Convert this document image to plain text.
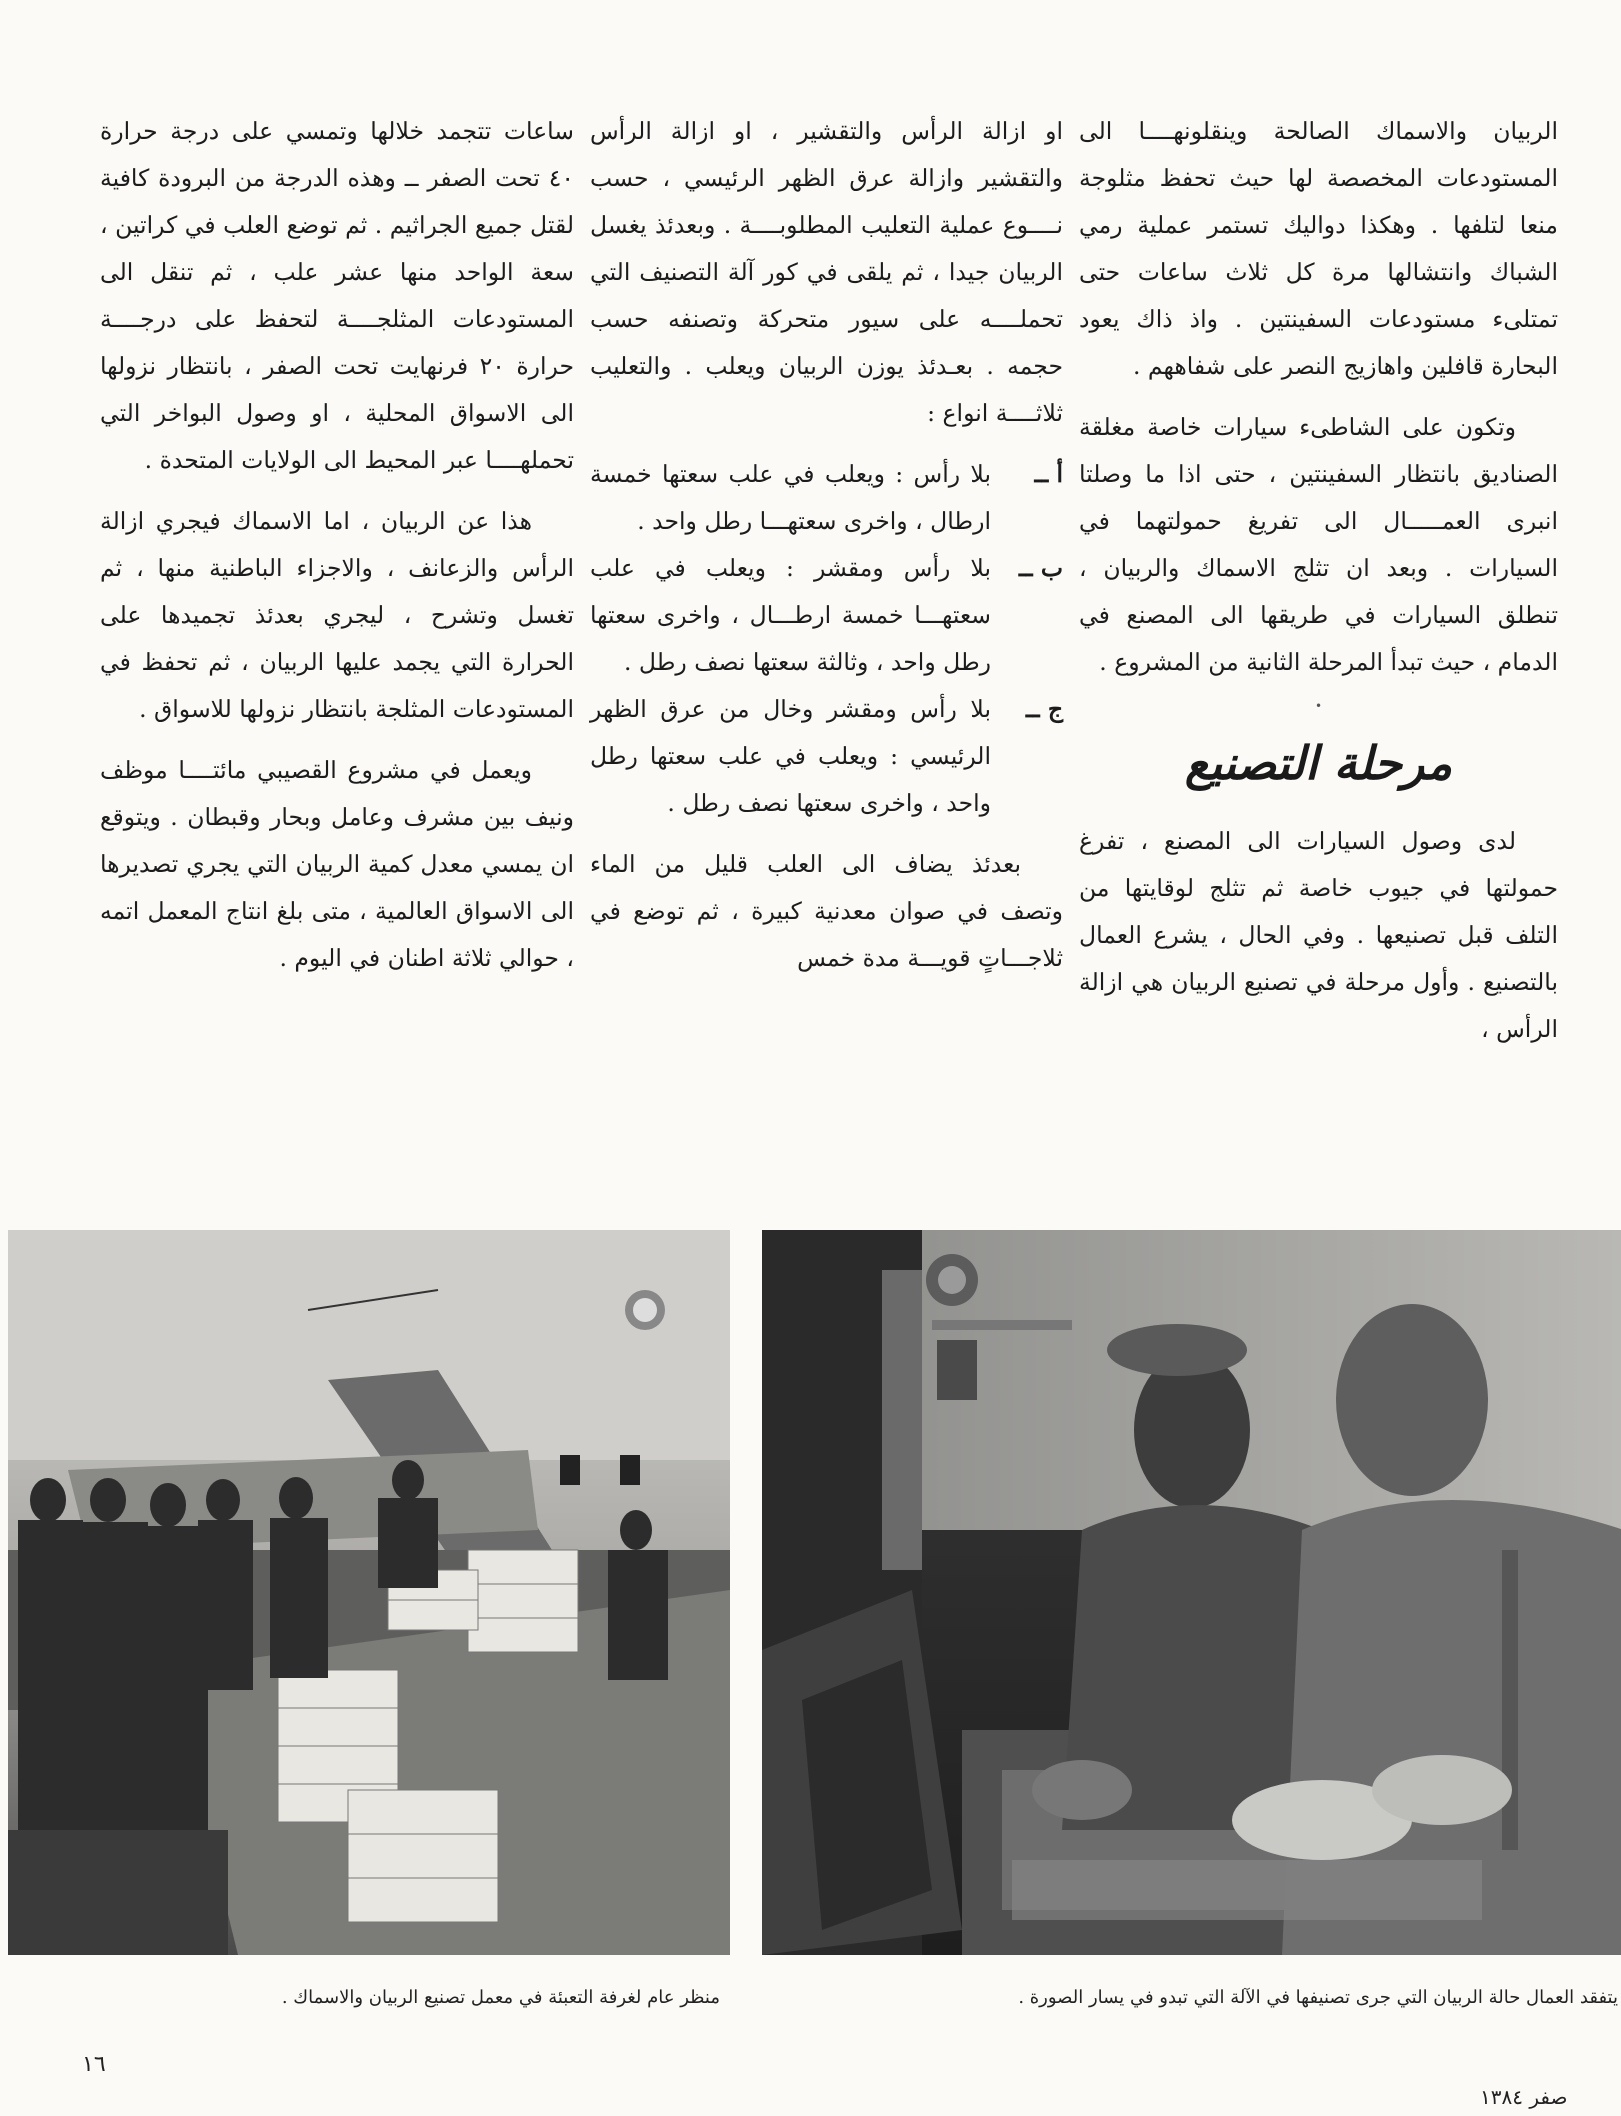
الربيان والاسماك الصالحة وينقلونهــــا الى المستودعات المخصصة لها حيث تحفظ مثلوجة منعا لتلفها . وهكذا دواليك تستمر عملية رمي الشباك وانتشالها مرة كل ثلاث ساعات حتى تمتلىء مستودعات السفينتين . واذ ذاك يعود البحارة قافلين واهازيج النصر على شفاههم .

وتكون على الشاطىء سيارات خاصة مغلقة الصناديق بانتظار السفينتين ، حتى اذا ما وصلتا انبرى العمـــــال الى تفريغ حمولتهما في السيارات . وبعد ان تثلج الاسماك والربيان ، تنطلق السيارات في طريقها الى المصنع في الدمام ، حيث تبدأ المرحلة الثانية من المشروع .

•
مرحلة التصنيع

لدى وصول السيارات الى المصنع ، تفرغ حمولتها في جيوب خاصة ثم تثلج لوقايتها من التلف قبل تصنيعها . وفي الحال ، يشرع العمال بالتصنيع . وأول مرحلة في تصنيع الربيان هي ازالة الرأس ،

او ازالة الرأس والتقشير ، او ازالة الرأس والتقشير وازالة عرق الظهر الرئيسي ، حسب نــــوع عملية التعليب المطلوبــــة . وبعدئذ يغسل الربيان جيدا ، ثم يلقى في كور آلة التصنيف التي تحملــــه على سيور متحركة وتصنفه حسب حجمه . بعـدئذ يوزن الربيان ويعلب . والتعليب ثلاثــــة انواع :

أ ــ
بلا رأس : ويعلب في علب سعتها خمسة ارطال ، واخرى سعتهـــا رطل واحد .
ب ــ
بلا رأس ومقشر : ويعلب في علب سعتهـــا خمسة ارطـــال ، واخرى سعتها رطل واحد ، وثالثة سعتها نصف رطل .
ج ــ
بلا رأس ومقشر وخال من عرق الظهر الرئيسي : ويعلب في علب سعتها رطل واحد ، واخرى سعتها نصف رطل .

بعدئذ يضاف الى العلب قليل من الماء وتصف في صوان معدنية كبيرة ، ثم توضع في ثلاجـــاتٍ قويـــة مدة خمس

ساعات تتجمد خلالها وتمسي على درجة حرارة ٤٠ تحت الصفر ــ وهذه الدرجة من البرودة كافية لقتل جميع الجراثيم . ثم توضع العلب في كراتين ، سعة الواحد منها عشر علب ، ثم تنقل الى المستودعات المثلجــــة لتحفظ على درجــــة حرارة ٢٠ فرنهايت تحت الصفر ، بانتظار نزولها الى الاسواق المحلية ، او وصول البواخر التي تحملهــــا عبر المحيط الى الولايات المتحدة .

هذا عن الربيان ، اما الاسماك فيجري ازالة الرأس والزعانف ، والاجزاء الباطنية منها ، ثم تغسل وتشرح ، ليجري بعدئذ تجميدها على الحرارة التي يجمد عليها الربيان ، ثم تحفظ في المستودعات المثلجة بانتظار نزولها للاسواق .

ويعمل في مشروع القصيبي مائتــــا موظف ونيف بين مشرف وعامل وبحار وقبطان . ويتوقع ان يمسي معدل كمية الربيان التي يجري تصديرها الى الاسواق العالمية ، متى بلغ انتاج المعمل اتمه ، حوالي ثلاثة اطنان في اليوم .

يتفقد العمال حالة الربيان التي جرى تصنيفها في الآلة التي تبدو في يسار الصورة .
منظر عام لغرفة التعبئة في معمل تصنيع الربيان والاسماك .
١٦
صفر ١٣٨٤
